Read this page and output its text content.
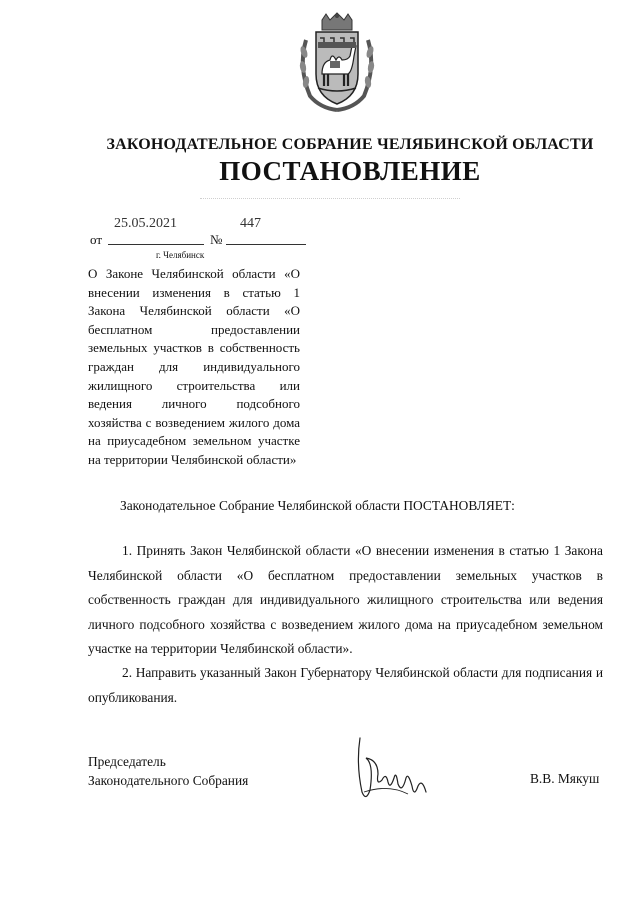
ЗАКОНОДАТЕЛЬНОЕ СОБРАНИЕ ЧЕЛЯБИНСКОЙ ОБЛАСТИ
ПОСТАНОВЛЕНИЕ
от
25.05.2021
№
447
г. Челябинск
О Законе Челябинской области «О внесении изменения в статью 1 Закона Челябинской области «О бесплатном предоставлении земельных участков в собственность граждан для индивидуального жилищного строительства или ведения личного подсобного хозяйства с возведением жилого дома на приусадебном земельном участке на территории Челябинской области»
Законодательное Собрание Челябинской области ПОСТАНОВЛЯЕТ:
1. Принять Закон Челябинской области «О внесении изменения в статью 1 Закона Челябинской области «О бесплатном предоставлении земельных участков в собственность граждан для индивидуального жилищного строительства или ведения личного подсобного хозяйства с возведением жилого дома на приусадебном земельном участке на территории Челябинской области».
2. Направить указанный Закон Губернатору Челябинской области для подписания и опубликования.
Председатель
Законодательного Собрания	В.В. Мякуш
